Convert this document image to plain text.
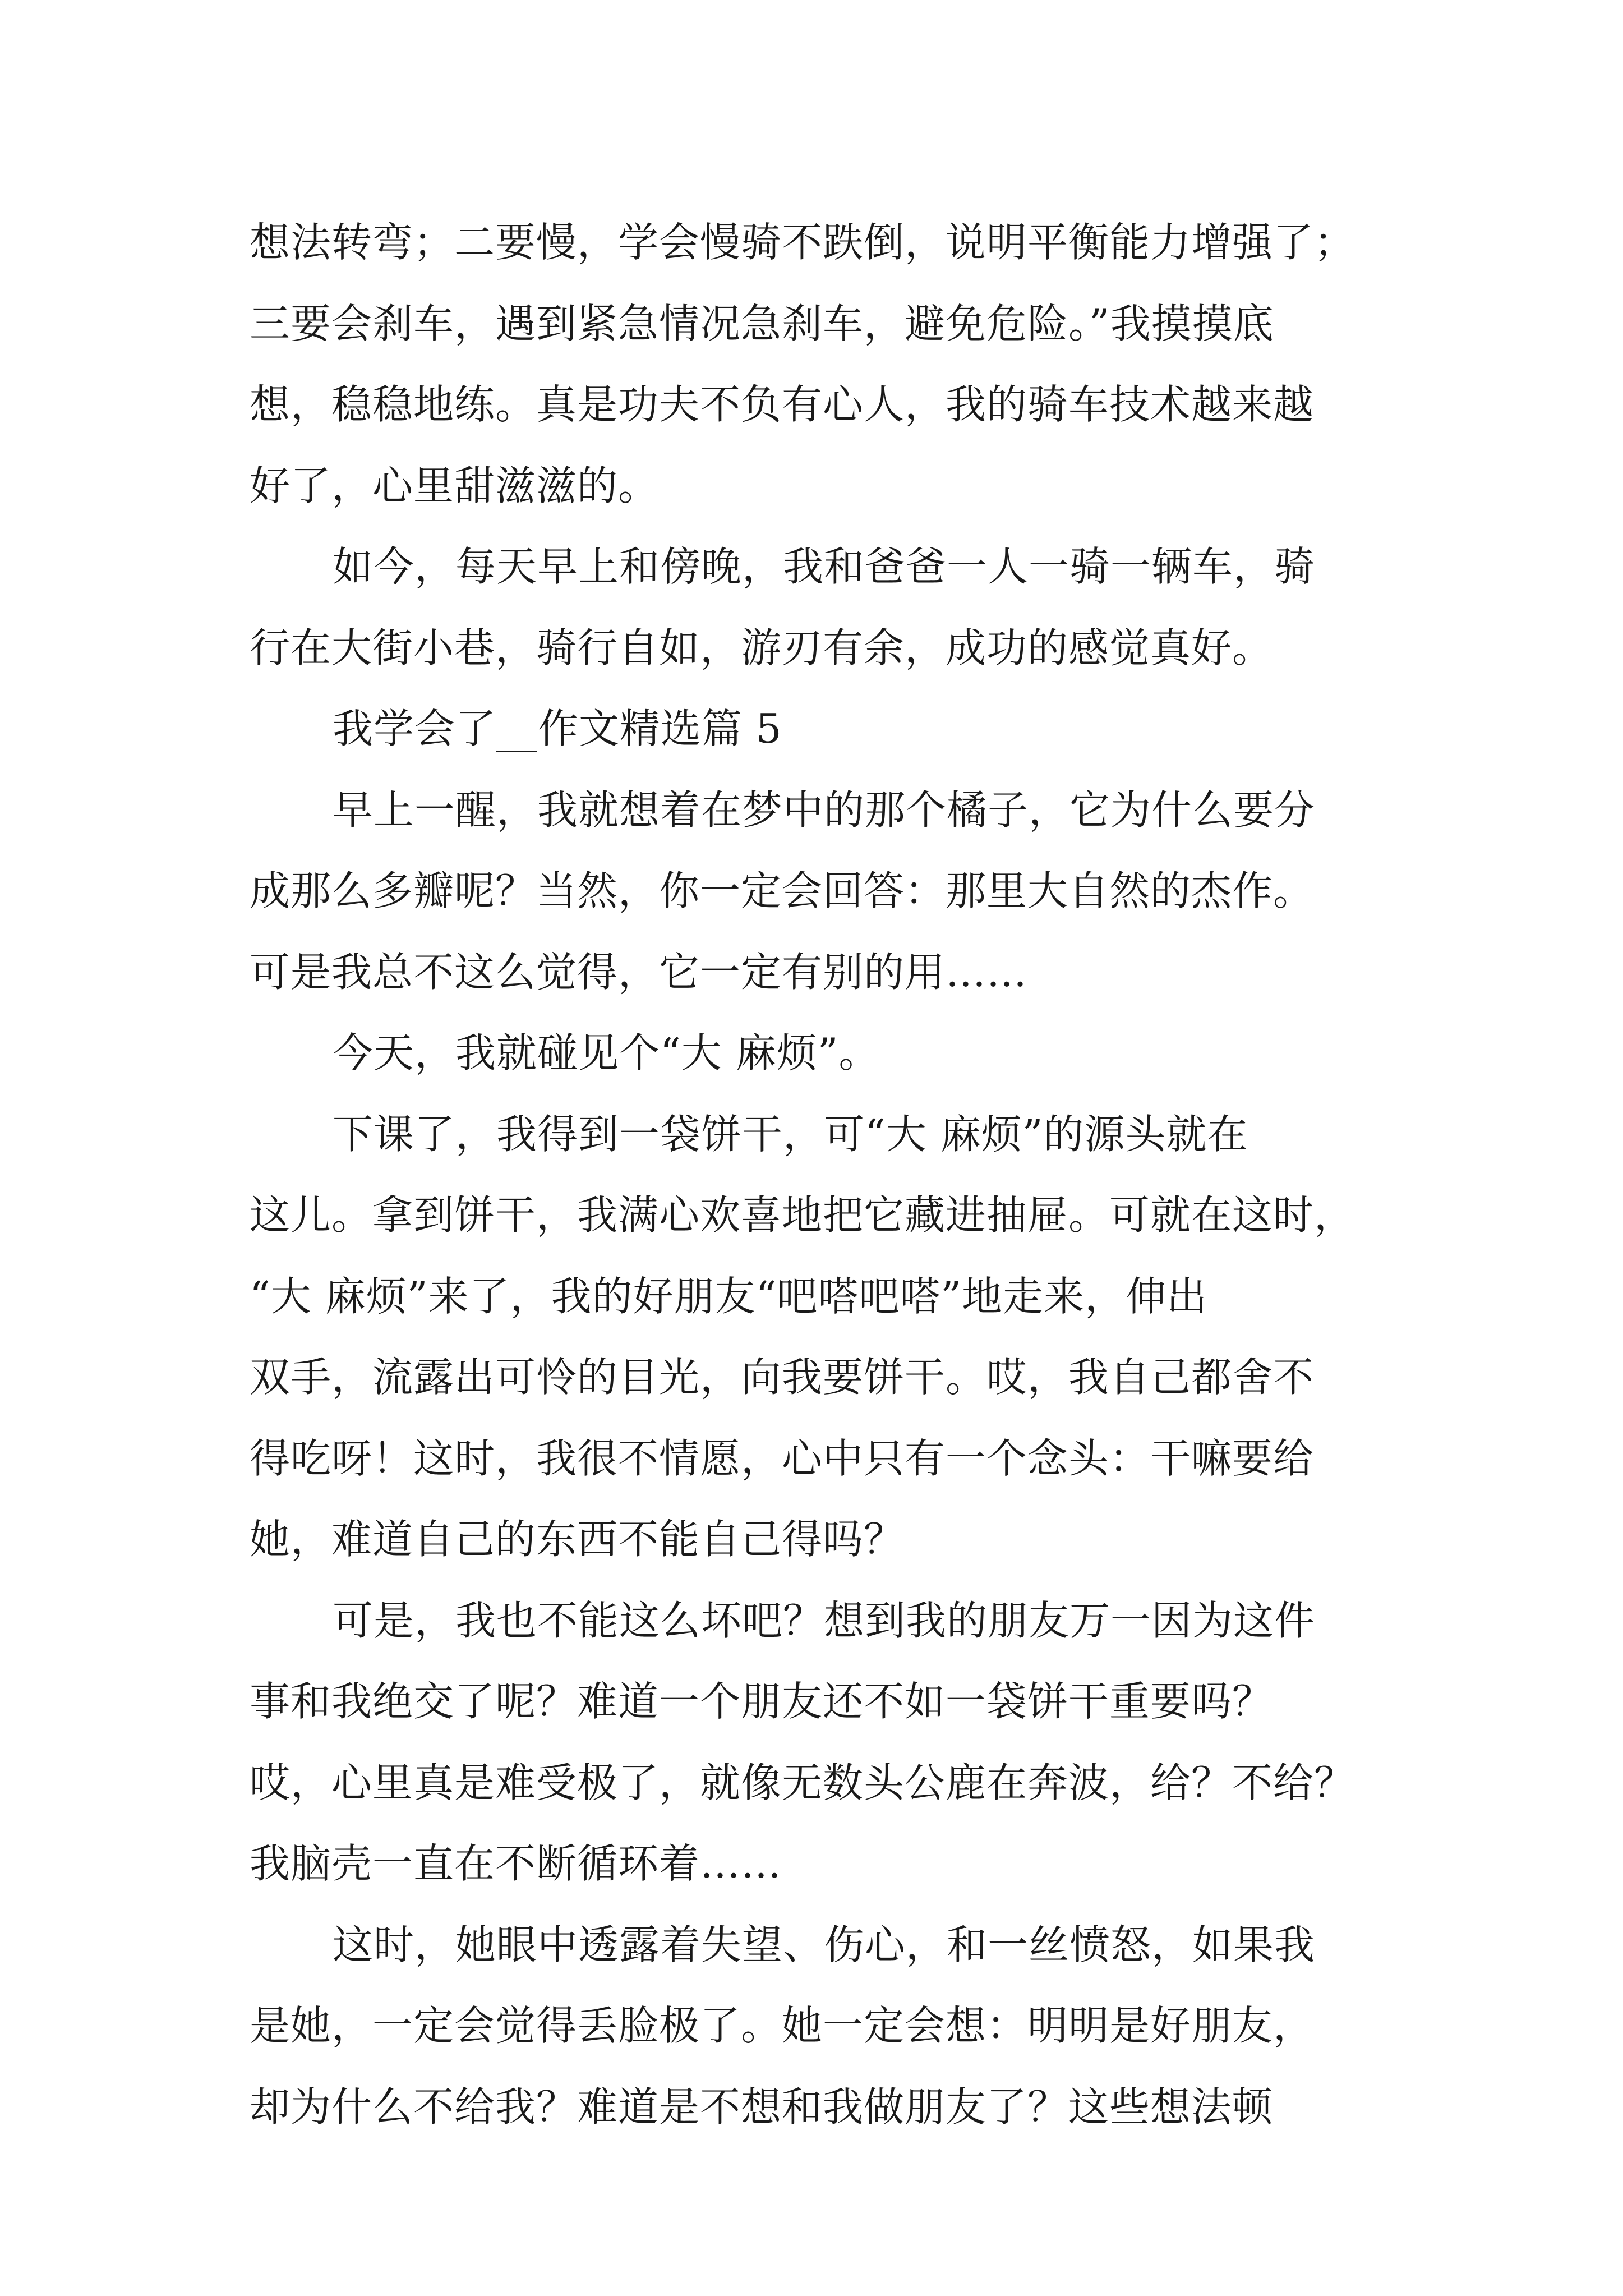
想法转弯；二要慢，学会慢骑不跌倒，说明平衡能力增强了；
三要会刹车，遇到紧急情况急刹车，避免危险。”我摸摸底
想，稳稳地练。真是功夫不负有心人，我的骑车技术越来越
好了，心里甜滋滋的。
如今，每天早上和傍晚，我和爸爸一人一骑一辆车，骑
行在大街小巷，骑行自如，游刃有余，成功的感觉真好。
我学会了__作文精选篇 5
早上一醒，我就想着在梦中的那个橘子，它为什么要分
成那么多瓣呢？当然，你一定会回答：那里大自然的杰作。
可是我总不这么觉得，它一定有别的用……
今天，我就碰见个“大 麻烦”。
下课了，我得到一袋饼干，可“大 麻烦”的源头就在
这儿。拿到饼干，我满心欢喜地把它藏进抽屉。可就在这时，
“大 麻烦”来了，我的好朋友“吧嗒吧嗒”地走来，伸出
双手，流露出可怜的目光，向我要饼干。哎，我自己都舍不
得吃呀！这时，我很不情愿，心中只有一个念头：干嘛要给
她，难道自己的东西不能自己得吗？
可是，我也不能这么坏吧？想到我的朋友万一因为这件
事和我绝交了呢？难道一个朋友还不如一袋饼干重要吗？
哎，心里真是难受极了，就像无数头公鹿在奔波，给？不给？
我脑壳一直在不断循环着……
这时，她眼中透露着失望、伤心，和一丝愤怒，如果我
是她，一定会觉得丢脸极了。她一定会想：明明是好朋友，
却为什么不给我？难道是不想和我做朋友了？这些想法顿
